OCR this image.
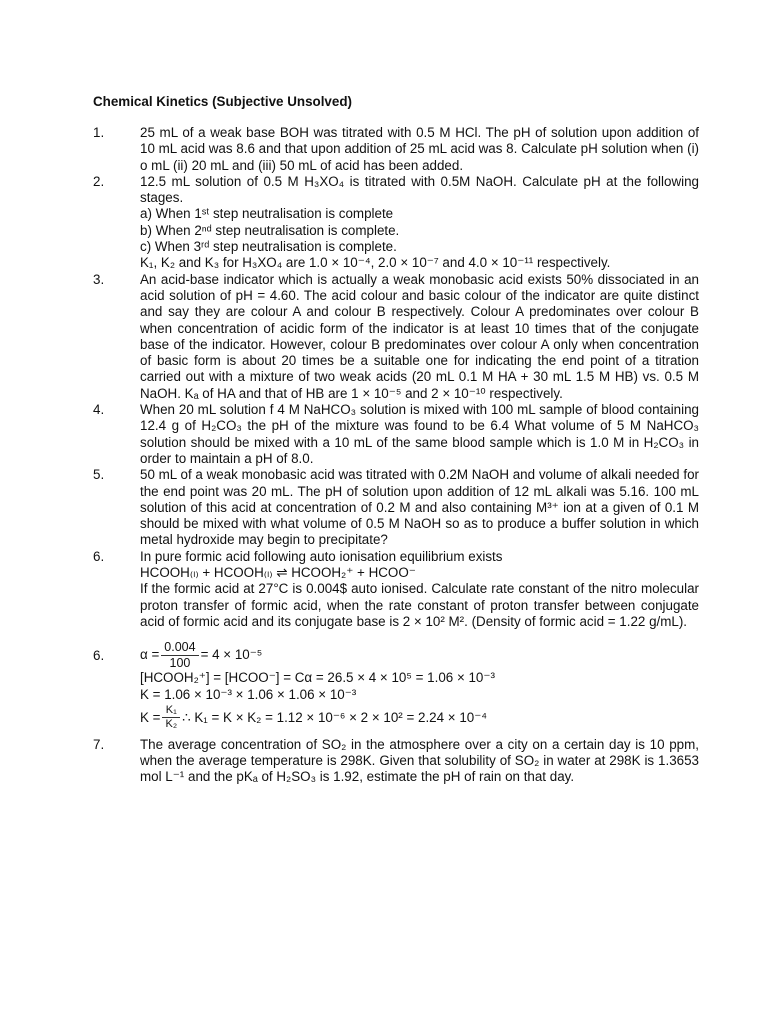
Chemical Kinetics (Subjective Unsolved)
1.	25 mL of a weak base BOH was titrated with 0.5 M HCl. The pH of solution upon addition of 10 mL acid was 8.6 and that upon addition of 25 mL acid was 8. Calculate pH solution when (i) o mL (ii) 20 mL and (iii) 50 mL of acid has been added.
2.	12.5 mL solution of 0.5 M H₃XO₄ is titrated with 0.5M NaOH. Calculate pH at the following stages.
a) When 1ˢᵗ step neutralisation is complete
b) When 2ⁿᵈ step neutralisation is complete.
c) When 3ʳᵈ step neutralisation is complete.
K₁, K₂ and K₃ for H₃XO₄ are 1.0 × 10⁻⁴, 2.0 × 10⁻⁷ and 4.0 × 10⁻¹¹ respectively.
3.	An acid-base indicator which is actually a weak monobasic acid exists 50% dissociated in an acid solution of pH = 4.60. The acid colour and basic colour of the indicator are quite distinct and say they are colour A and colour B respectively. Colour A predominates over colour B when concentration of acidic form of the indicator is at least 10 times that of the conjugate base of the indicator. However, colour B predominates over colour A only when concentration of basic form is about 20 times be a suitable one for indicating the end point of a titration carried out with a mixture of two weak acids (20 mL 0.1 M HA + 30 mL 1.5 M HB) vs. 0.5 M NaOH. Kₐ of HA and that of HB are 1 × 10⁻⁵ and 2 × 10⁻¹⁰ respectively.
4.	When 20 mL solution f 4 M NaHCO₃ solution is mixed with 100 mL sample of blood containing 12.4 g of H₂CO₃ the pH of the mixture was found to be 6.4 What volume of 5 M NaHCO₃ solution should be mixed with a 10 mL of the same blood sample which is 1.0 M in H₂CO₃ in order to maintain a pH of 8.0.
5.	50 mL of a weak monobasic acid was titrated with 0.2M NaOH and volume of alkali needed for the end point was 20 mL. The pH of solution upon addition of 12 mL alkali was 5.16. 100 mL solution of this acid at concentration of 0.2 M and also containing M³⁺ ion at a given of 0.1 M should be mixed with what volume of 0.5 M NaOH so as to produce a buffer solution in which metal hydroxide may begin to precipitate?
6.	In pure formic acid following auto ionisation equilibrium exists
HCOOH₍ₗ₎ + HCOOH₍ₗ₎ ⇌ HCOOH₂⁺ + HCOO⁻
If the formic acid at 27°C is 0.004$ auto ionised. Calculate rate constant of the nitro molecular proton transfer of formic acid, when the rate constant of proton transfer between conjugate acid of formic acid and its conjugate base is 2 × 10² M². (Density of formic acid = 1.22 g/mL).
6.	$\alpha = \frac{0.004}{100} = 4 \times 10^{-5}$
[HCOOH₂⁺] = [HCOO⁻] = Cα = 26.5 × 4 × 10⁵ = 1.06 × 10⁻³
K = 1.06 × 10⁻³ × 1.06 × 1.06 × 10⁻³
$K = \frac{\text{K₁}}{\text{K₂}}$ ∴ K₁ = K × K₂ = 1.12 × 10⁻⁶ × 2 × 10² = 2.24 × 10⁻⁴
7.	The average concentration of SO₂ in the atmosphere over a city on a certain day is 10 ppm, when the average temperature is 298K. Given that solubility of SO₂ in water at 298K is 1.3653 mol L⁻¹ and the pKₐ of H₂SO₃ is 1.92, estimate the pH of rain on that day.
